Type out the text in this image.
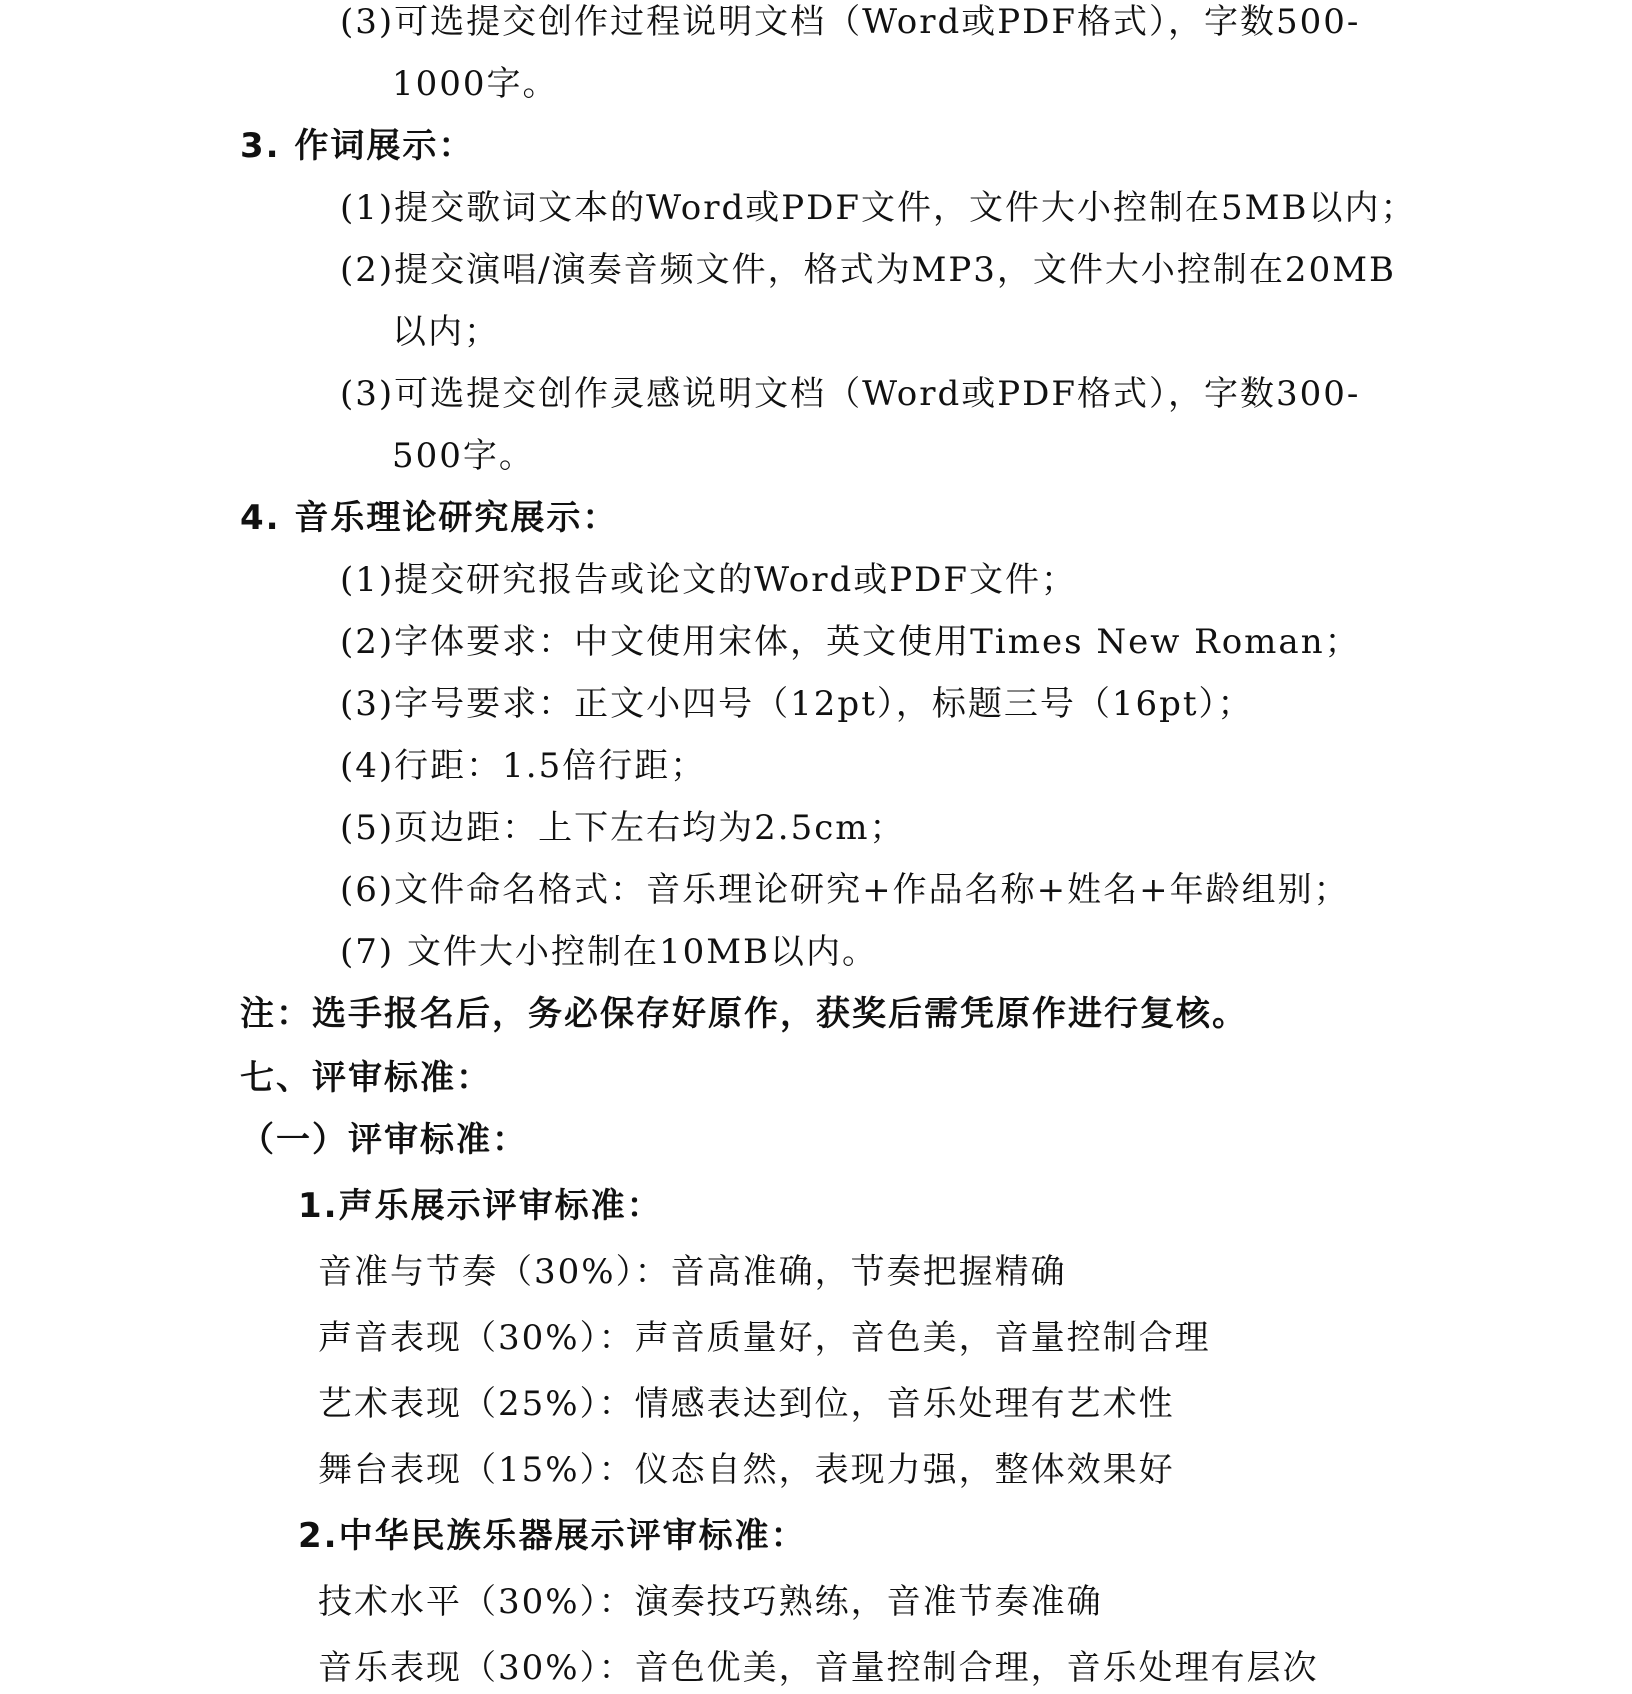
(3)可选提交创作过程说明文档（Word或PDF格式），字数500-
1000字。
3. 作词展示：
(1)提交歌词文本的Word或PDF文件，文件大小控制在5MB以内；
(2)提交演唱/演奏音频文件，格式为MP3，文件大小控制在20MB
以内；
(3)可选提交创作灵感说明文档（Word或PDF格式），字数300-
500字。
4. 音乐理论研究展示：
(1)提交研究报告或论文的Word或PDF文件；
(2)字体要求：中文使用宋体，英文使用Times New Roman；
(3)字号要求：正文小四号（12pt），标题三号（16pt）；
(4)行距：1.5倍行距；
(5)页边距：上下左右均为2.5cm；
(6)文件命名格式：音乐理论研究+作品名称+姓名+年龄组别；
(7) 文件大小控制在10MB以内。
注：选手报名后，务必保存好原作，获奖后需凭原作进行复核。
七、评审标准：
（一）评审标准：
1.声乐展示评审标准：
音准与节奏（30%）：音高准确，节奏把握精确
声音表现（30%）：声音质量好，音色美，音量控制合理
艺术表现（25%）：情感表达到位，音乐处理有艺术性
舞台表现（15%）：仪态自然，表现力强，整体效果好
2.中华民族乐器展示评审标准：
技术水平（30%）：演奏技巧熟练，音准节奏准确
音乐表现（30%）：音色优美，音量控制合理，音乐处理有层次
